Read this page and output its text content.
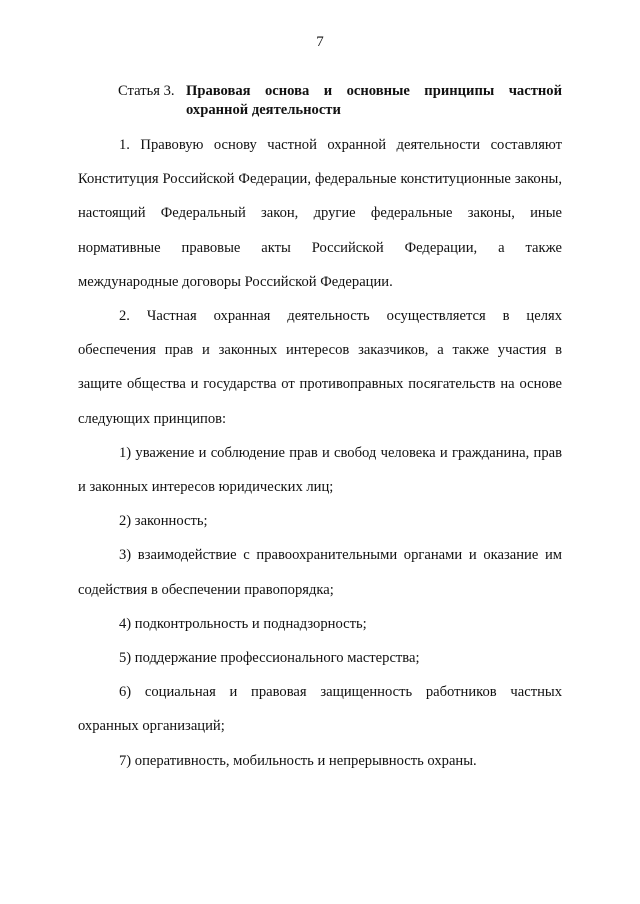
7
Статья 3. Правовая основа и основные принципы частной охранной деятельности

1. Правовую основу частной охранной деятельности составляют Конституция Российской Федерации, федеральные конституционные законы, настоящий Федеральный закон, другие федеральные законы, иные нормативные правовые акты Российской Федерации, а также международные договоры Российской Федерации.

2. Частная охранная деятельность осуществляется в целях обеспечения прав и законных интересов заказчиков, а также участия в защите общества и государства от противоправных посягательств на основе следующих принципов:

1) уважение и соблюдение прав и свобод человека и гражданина, прав и законных интересов юридических лиц;

2) законность;

3) взаимодействие с правоохранительными органами и оказание им содействия в обеспечении правопорядка;

4) подконтрольность и поднадзорность;

5) поддержание профессионального мастерства;

6) социальная и правовая защищенность работников частных охранных организаций;

7) оперативность, мобильность и непрерывность охраны.
